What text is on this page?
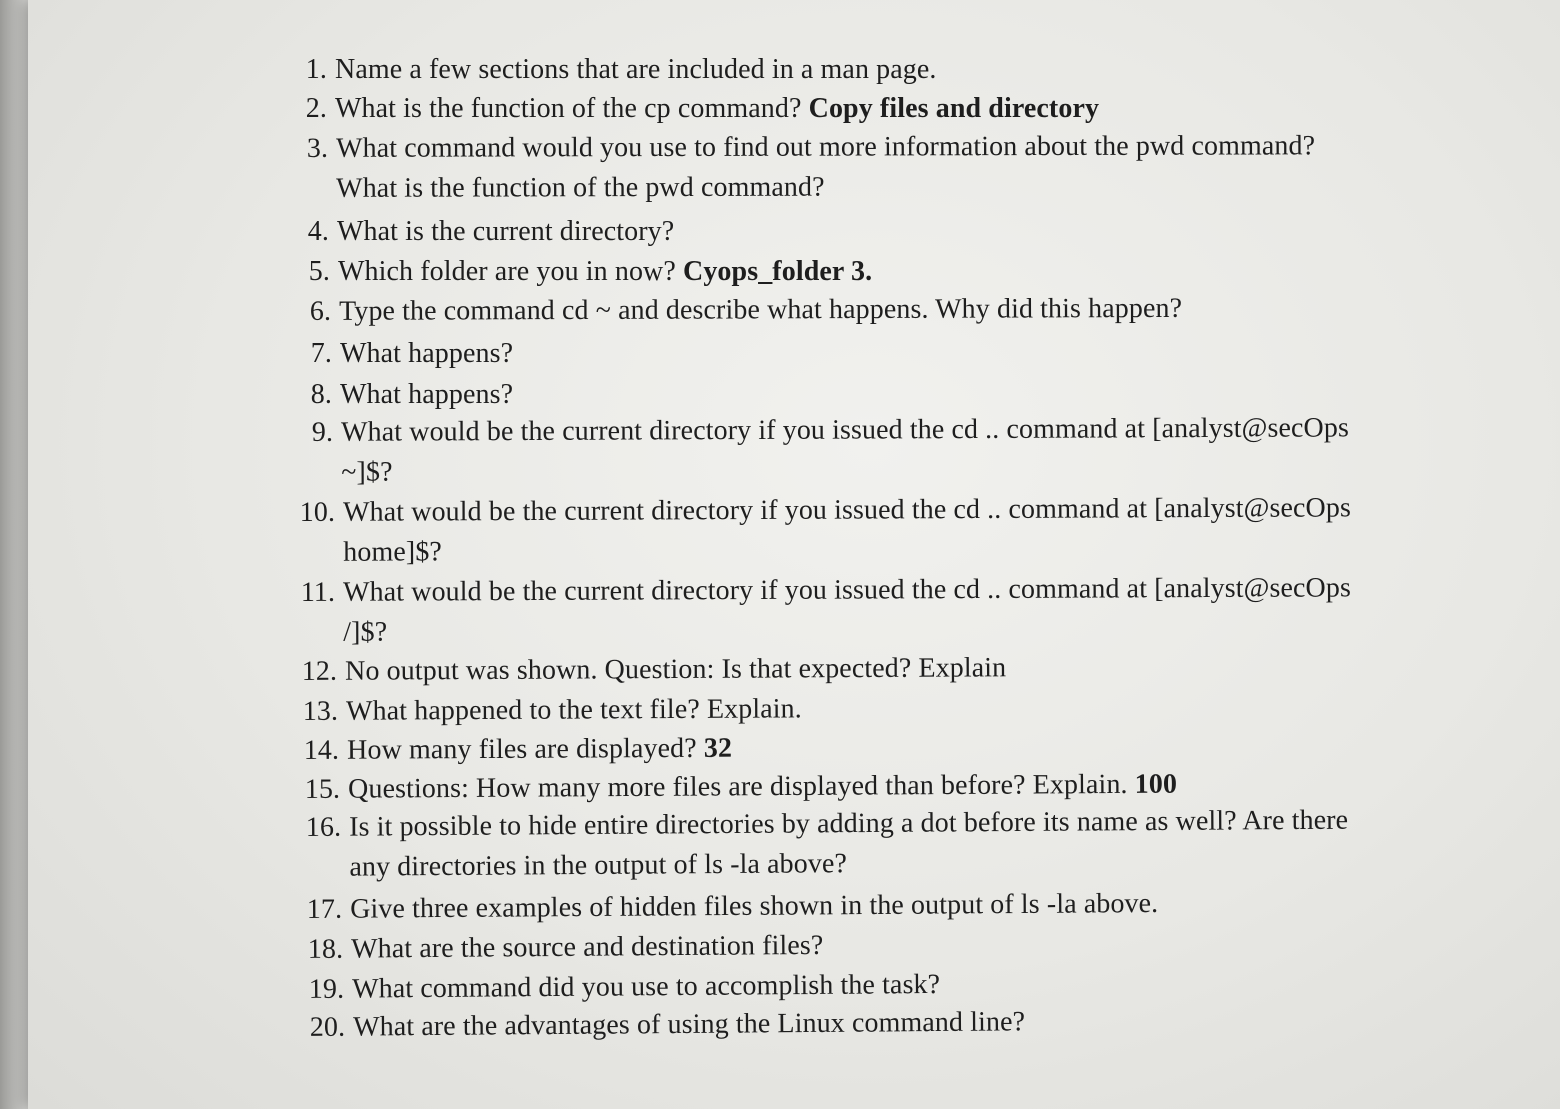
1. Name a few sections that are included in a man page.
2. What is the function of the cp command? Copy files and directory
3. What command would you use to find out more information about the pwd command?
What is the function of the pwd command?
4. What is the current directory?
5. Which folder are you in now? Cyops_folder 3.
6. Type the command cd ~ and describe what happens. Why did this happen?
7. What happens?
8. What happens?
9. What would be the current directory if you issued the cd .. command at [analyst@secOps
~]$?
10. What would be the current directory if you issued the cd .. command at [analyst@secOps
home]$?
11. What would be the current directory if you issued the cd .. command at [analyst@secOps
/]$?
12. No output was shown. Question: Is that expected? Explain
13. What happened to the text file? Explain.
14. How many files are displayed? 32
15. Questions: How many more files are displayed than before? Explain. 100
16. Is it possible to hide entire directories by adding a dot before its name as well? Are there
any directories in the output of ls -la above?
17. Give three examples of hidden files shown in the output of ls -la above.
18. What are the source and destination files?
19. What command did you use to accomplish the task?
20. What are the advantages of using the Linux command line?
